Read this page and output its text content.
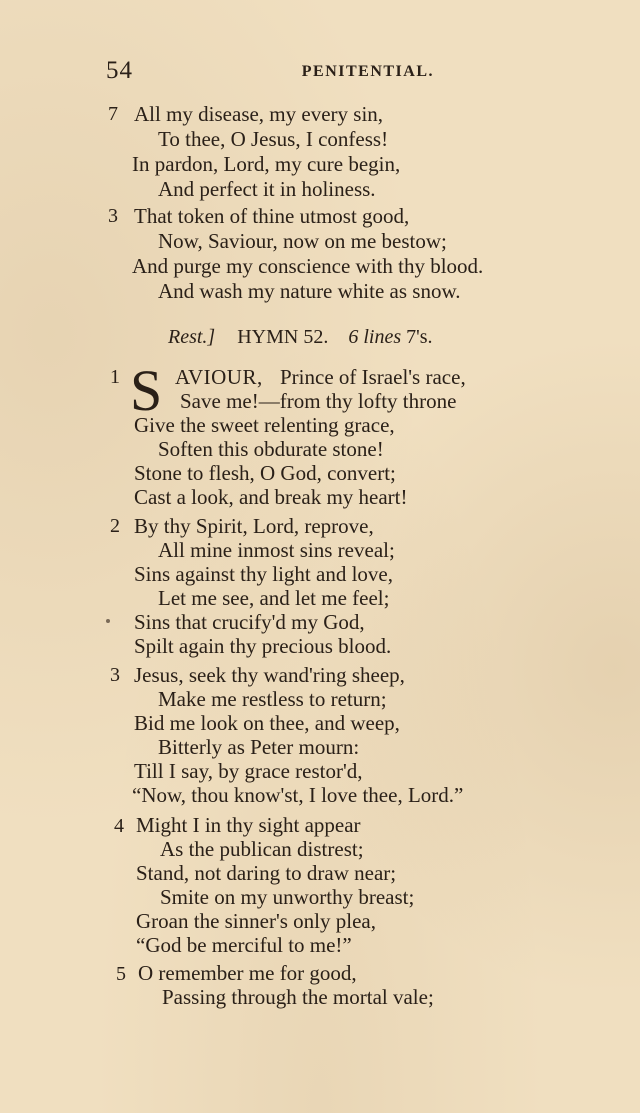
54	PENITENTIAL.
7 All my disease, my every sin,
To thee, O Jesus, I confess!
In pardon, Lord, my cure begin,
And perfect it in holiness.
3 That token of thine utmost good,
Now, Saviour, now on me bestow;
And purge my conscience with thy blood.
And wash my nature white as snow.
Rest.] HYMN 52. 6 lines 7's.
1 S AVIOUR, Prince of Israel's race,
Save me!—from thy lofty throne
Give the sweet relenting grace,
Soften this obdurate stone!
Stone to flesh, O God, convert;
Cast a look, and break my heart!
2 By thy Spirit, Lord, reprove,
All mine inmost sins reveal;
Sins against thy light and love,
Let me see, and let me feel;
Sins that crucify'd my God,
Spilt again thy precious blood.
3 Jesus, seek thy wand'ring sheep,
Make me restless to return;
Bid me look on thee, and weep,
Bitterly as Peter mourn:
Till I say, by grace restor'd,
“Now, thou know'st, I love thee, Lord.”
4 Might I in thy sight appear
As the publican distrest;
Stand, not daring to draw near;
Smite on my unworthy breast;
Groan the sinner's only plea,
“God be merciful to me!”
5 O remember me for good,
Passing through the mortal vale;
